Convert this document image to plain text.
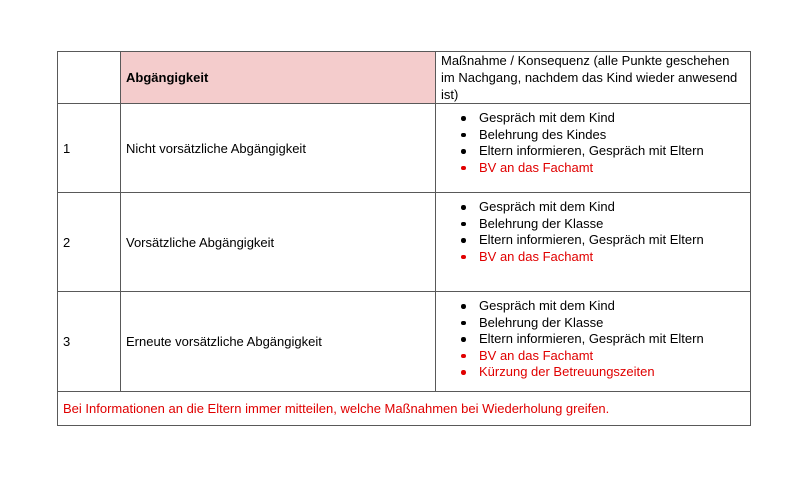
	Abgängigkeit	Maßnahme / Konsequenz (alle Punkte geschehen im Nachgang, nachdem das Kind wieder anwesend ist)
1	Nicht vorsätzliche Abgängigkeit	
Gespräch mit dem Kind
Belehrung des Kindes
Eltern informieren, Gespräch mit Eltern
BV an das Fachamt

2	Vorsätzliche Abgängigkeit	
Gespräch mit dem Kind
Belehrung der Klasse
Eltern informieren, Gespräch mit Eltern
BV an das Fachamt

3	Erneute vorsätzliche Abgängigkeit	
Gespräch mit dem Kind
Belehrung der Klasse
Eltern informieren, Gespräch mit Eltern
BV an das Fachamt
Kürzung der Betreuungszeiten

Bei Informationen an die Eltern immer mitteilen, welche Maßnahmen bei Wiederholung greifen.		
